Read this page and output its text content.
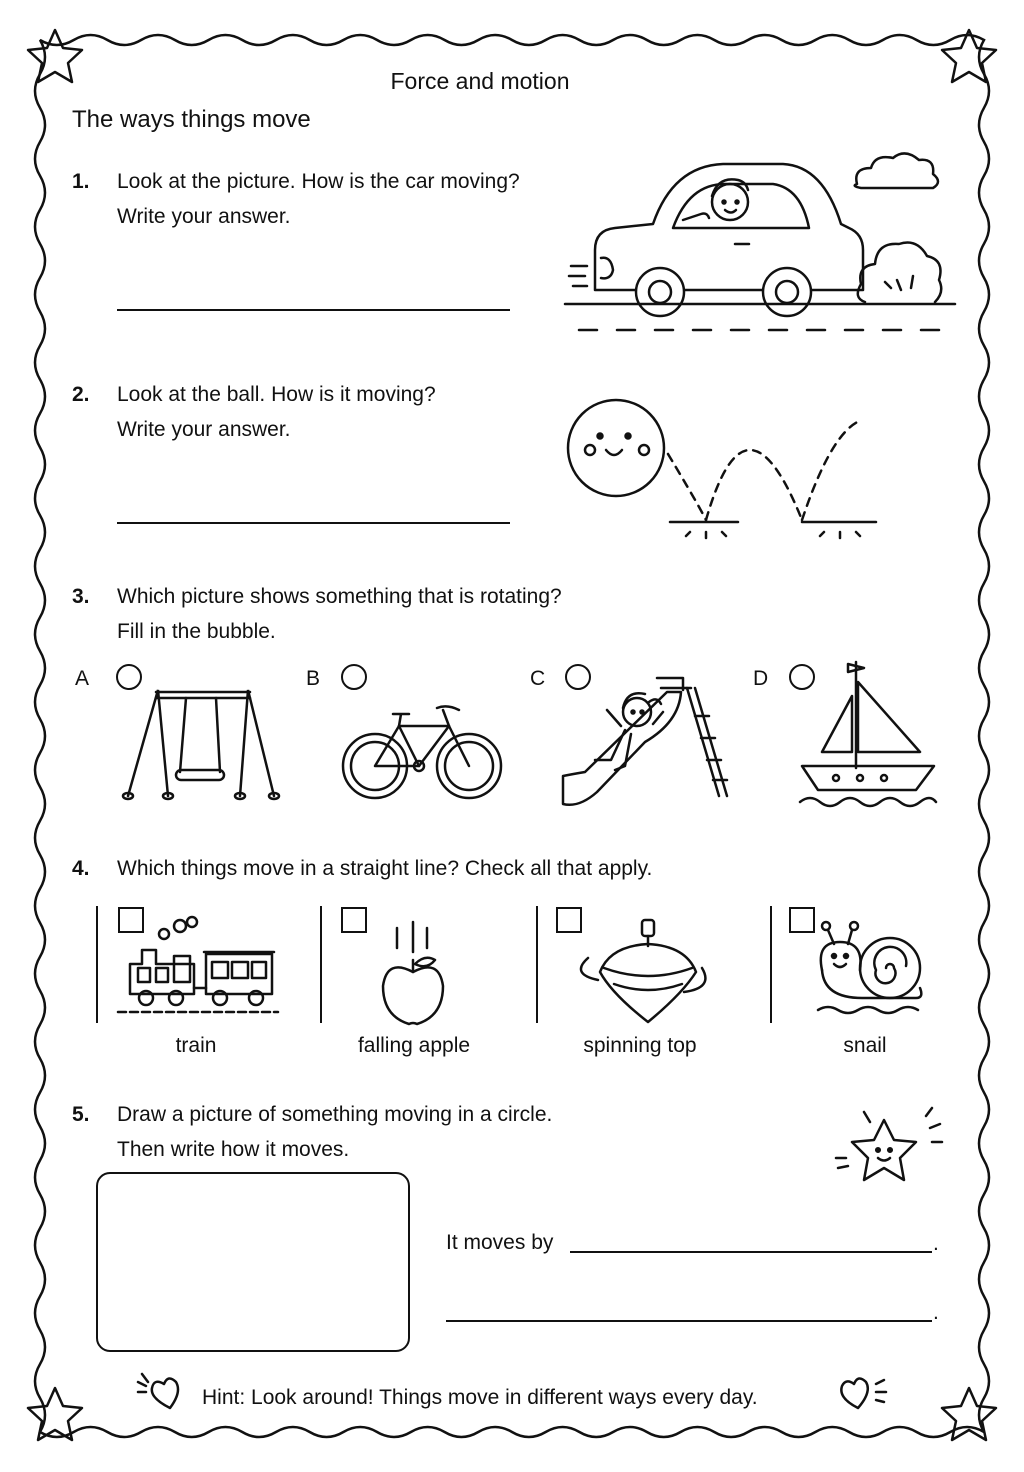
Force and motion
The ways things move
1. Look at the picture. How is the car moving?
Write your answer.
2. Look at the ball. How is it moving?
Write your answer.
3. Which picture shows something that is rotating?
Fill in the bubble.
A	B	C	D
4. Which things move in a straight line? Check all that apply.
train	falling apple	spinning top	snail
5. Draw a picture of something moving in a circle.
Then write how it moves.
It moves by	.
.
Hint: Look around! Things move in different ways every day.
